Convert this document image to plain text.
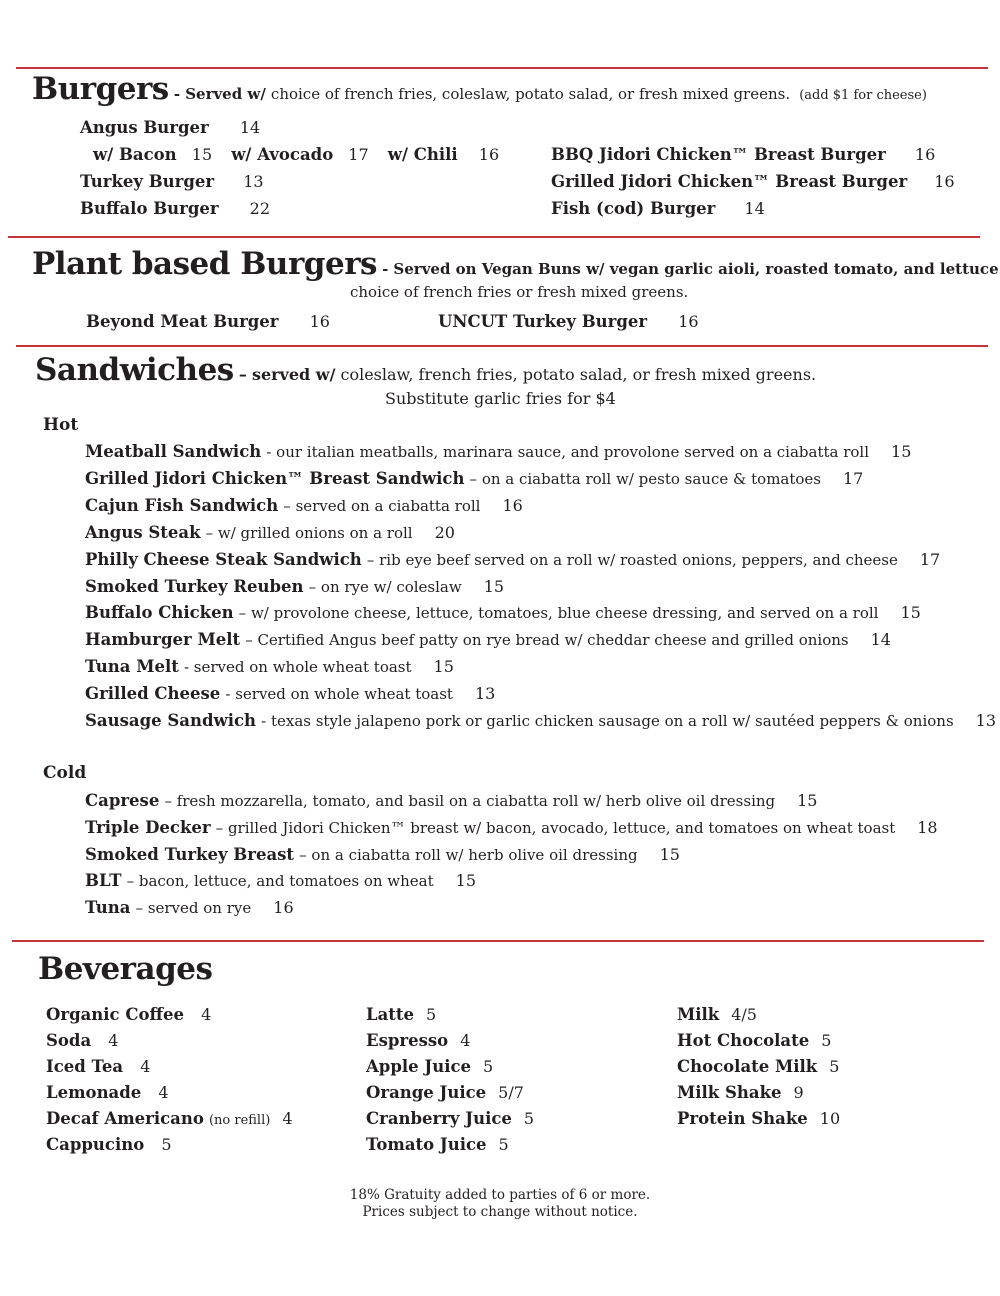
Burgers - Served w/ choice of french fries, coleslaw, potato salad, or fresh mixed greens. (add $1 for cheese)
Angus Burger 14
w/ Bacon 15 w/ Avocado 17 w/ Chili 16
Turkey Burger 13
Buffalo Burger 22
BBQ Jidori Chicken™ Breast Burger 16
Grilled Jidori Chicken™ Breast Burger 16
Fish (cod) Burger 14
Plant based Burgers - Served on Vegan Buns w/ vegan garlic aioli, roasted tomato, and lettuce
choice of french fries or fresh mixed greens.
Beyond Meat Burger 16	UNCUT Turkey Burger 16
Sandwiches – served w/ coleslaw, french fries, potato salad, or fresh mixed greens.
Substitute garlic fries for $4
Hot
Meatball Sandwich - our italian meatballs, marinara sauce, and provolone served on a ciabatta roll 15
Grilled Jidori Chicken™ Breast Sandwich – on a ciabatta roll w/ pesto sauce & tomatoes 17
Cajun Fish Sandwich – served on a ciabatta roll 16
Angus Steak – w/ grilled onions on a roll 20
Philly Cheese Steak Sandwich – rib eye beef served on a roll w/ roasted onions, peppers, and cheese 17
Smoked Turkey Reuben – on rye w/ coleslaw 15
Buffalo Chicken – w/ provolone cheese, lettuce, tomatoes, blue cheese dressing, and served on a roll 15
Hamburger Melt – Certified Angus beef patty on rye bread w/ cheddar cheese and grilled onions 14
Tuna Melt - served on whole wheat toast 15
Grilled Cheese - served on whole wheat toast 13
Sausage Sandwich - texas style jalapeno pork or garlic chicken sausage on a roll w/ sautéed peppers & onions 13
Cold
Caprese – fresh mozzarella, tomato, and basil on a ciabatta roll w/ herb olive oil dressing 15
Triple Decker – grilled Jidori Chicken™ breast w/ bacon, avocado, lettuce, and tomatoes on wheat toast 18
Smoked Turkey Breast – on a ciabatta roll w/ herb olive oil dressing 15
BLT – bacon, lettuce, and tomatoes on wheat 15
Tuna – served on rye 16
Beverages
Organic Coffee 4
Soda 4
Iced Tea 4
Lemonade 4
Decaf Americano (no refill) 4
Cappucino 5
Latte 5
Espresso 4
Apple Juice 5
Orange Juice 5/7
Cranberry Juice 5
Tomato Juice 5
Milk 4/5
Hot Chocolate 5
Chocolate Milk 5
Milk Shake 9
Protein Shake 10
18% Gratuity added to parties of 6 or more.
Prices subject to change without notice.
